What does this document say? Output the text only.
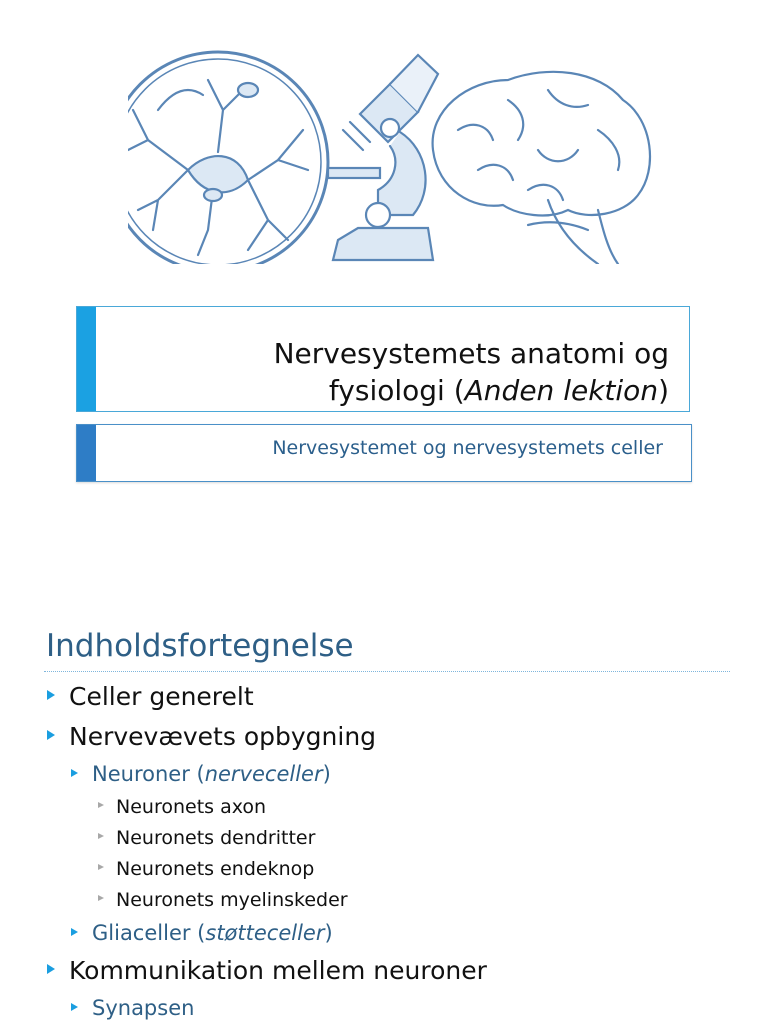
Nervesystemets anatomi og
fysiologi (Anden lektion)
Nervesystemet og nervesystemets celler
Indholdsfortegnelse
Celler generelt
Nervevævets opbygning
Neuroner (nerveceller)
Neuronets axon
Neuronets dendritter
Neuronets endeknop
Neuronets myelinskeder
Gliaceller (støtteceller)
Kommunikation mellem neuroner
Synapsen
